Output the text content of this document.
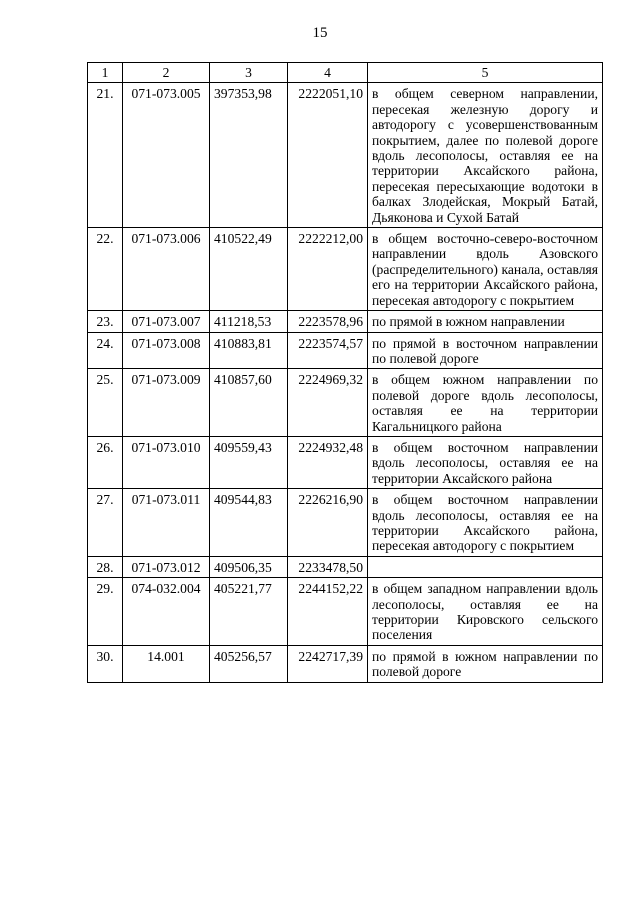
15
1	2	3	4	5
21.	071-073.005	397353,98	2222051,10	в общем северном направлении, пересекая железную дорогу и автодорогу с усовершенствованным покрытием, далее по полевой дороге вдоль лесополосы, оставляя ее на территории Аксайского района, пересекая пересыхающие водотоки в балках Злодейская, Мокрый Батай, Дьяконова и Сухой Батай
22.	071-073.006	410522,49	2222212,00	в общем восточно-северо-восточном направлении вдоль Азовского (распределительного) канала, оставляя его на территории Аксайского района, пересекая автодорогу с покрытием
23.	071-073.007	411218,53	2223578,96	по прямой в южном направлении
24.	071-073.008	410883,81	2223574,57	по прямой в восточном направлении по полевой дороге
25.	071-073.009	410857,60	2224969,32	в общем южном направлении по полевой дороге вдоль лесополосы, оставляя ее на территории Кагальницкого района
26.	071-073.010	409559,43	2224932,48	в общем восточном направлении вдоль лесополосы, оставляя ее на территории Аксайского района
27.	071-073.011	409544,83	2226216,90	в общем восточном направлении вдоль лесополосы, оставляя ее на территории Аксайского района, пересекая автодорогу с покрытием
28.	071-073.012	409506,35	2233478,50	
29.	074-032.004	405221,77	2244152,22	в общем западном направлении вдоль лесополосы, оставляя ее на территории Кировского сельского поселения
30.	14.001	405256,57	2242717,39	по прямой в южном направлении по полевой дороге
